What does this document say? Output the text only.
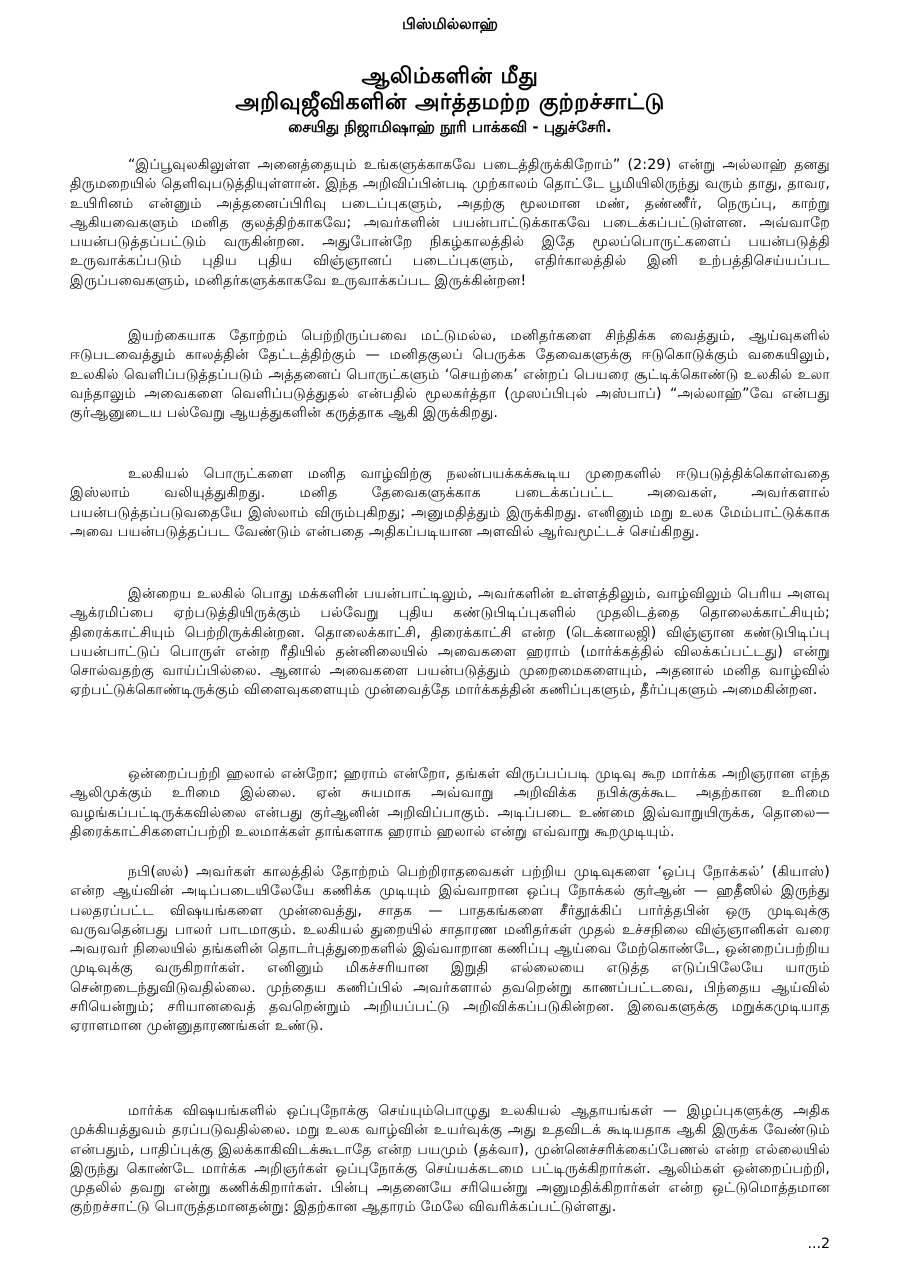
பிஸ்மில்லாஹ்
ஆலிம்களின் மீது
அறிவுஜீவிகளின் அர்த்தமற்ற குற்றச்சாட்டு
சையிது நிஜாமிஷாஹ் நூரி பாக்கவி - புதுச்சேரி.

“இப்பூவுலகிலுள்ள அனைத்தையும் உங்களுக்காகவே படைத்திருக்கிறோம்” (2:29) என்று அல்லாஹ் தனது திருமறையில் தெளிவுபடுத்தியுள்ளான். இந்த அறிவிப்பின்படி முற்காலம் தொட்டே பூமியிலிருந்து வரும் தாது, தாவர, உயிரினம் என்னும் அத்தனைப்பிரிவு படைப்புகளும், அதற்கு மூலமான மண், தண்ணீர், நெருப்பு, காற்று ஆகியவைகளும் மனித குலத்திற்காகவே; அவர்களின் பயன்பாட்டுக்காகவே படைக்கப்பட்டுள்ளன. அவ்வாறே பயன்படுத்தப்பட்டும் வருகின்றன. அதுபோன்றே நிகழ்காலத்தில் இதே மூலப்பொருட்களைப் பயன்படுத்தி உருவாக்கப்படும் புதிய புதிய விஞ்ஞானப் படைப்புகளும், எதிர்காலத்தில் இனி உற்பத்திசெய்யப்பட இருப்பவைகளும், மனிதர்களுக்காகவே உருவாக்கப்பட இருக்கின்றன!

இயற்கையாக தோற்றம் பெற்றிருப்பவை மட்டுமல்ல, மனிதர்களை சிந்திக்க வைத்தும், ஆய்வுகளில் ஈடுபடவைத்தும் காலத்தின் தேட்டத்திற்கும் — மனிதகுலப் பெருக்க தேவைகளுக்கு ஈடுகொடுக்கும் வகையிலும், உலகில் வெளிப்படுத்தப்படும் அத்தனைப் பொருட்களும் ‘செயற்கை’ என்றப் பெயரை சூட்டிக்கொண்டு உலகில் உலா வந்தாலும் அவைகளை வெளிப்படுத்துதல் என்பதில் மூலகர்த்தா (முஸப்பிபுல் அஸ்பாப்) “அல்லாஹ்”வே என்பது குர்ஆனுடைய பல்வேறு ஆயத்துகளின் கருத்தாக ஆகி இருக்கிறது.

உலகியல் பொருட்களை மனித வாழ்விற்கு நலன்பயக்கக்கூடிய முறைகளில் ஈடுபடுத்திக்கொள்வதை இஸ்லாம் வலியுத்துகிறது. மனித தேவைகளுக்காக படைக்கப்பட்ட அவைகள், அவர்களால் பயன்படுத்தப்படுவதையே இஸ்லாம் விரும்புகிறது; அனுமதித்தும் இருக்கிறது. எனினும் மறு உலக மேம்பாட்டுக்காக அவை பயன்படுத்தப்பட வேண்டும் என்பதை அதிகப்படியான அளவில் ஆர்வமூட்டச் செய்கிறது.

இன்றைய உலகில் பொது மக்களின் பயன்பாட்டிலும், அவர்களின் உள்ளத்திலும், வாழ்விலும் பெரிய அளவு ஆக்ரமிப்பை ஏற்படுத்தியிருக்கும் பல்வேறு புதிய கண்டுபிடிப்புகளில் முதலிடத்தை தொலைக்காட்சியும்; திரைக்காட்சியும் பெற்றிருக்கின்றன. தொலைக்காட்சி, திரைக்காட்சி என்ற (டெக்னாலஜி) விஞ்ஞான கண்டுபிடிப்பு பயன்பாட்டுப் பொருள் என்ற ரீதியில் தன்னிலையில் அவைகளை ஹராம் (மார்க்கத்தில் விலக்கப்பட்டது) என்று சொல்வதற்கு வாய்ப்பில்லை. ஆனால் அவைகளை பயன்படுத்தும் முறைமைகளையும், அதனால் மனித வாழ்வில் ஏற்பட்டுக்கொண்டிருக்கும் விளைவுகளையும் முன்வைத்தே மார்க்கத்தின் கணிப்புகளும், தீர்ப்புகளும் அமைகின்றன.

ஒன்றைப்பற்றி ஹலால் என்றோ; ஹராம் என்றோ, தங்கள் விருப்பப்படி முடிவு கூற மார்க்க அறிஞரான எந்த ஆலிமுக்கும் உரிமை இல்லை. ஏன் சுயமாக அவ்வாறு அறிவிக்க நபிக்குக்கூட அதற்கான உரிமை வழங்கப்பட்டிருக்கவில்லை என்பது குர்ஆனின் அறிவிப்பாகும். அடிப்படை உண்மை இவ்வாறுயிருக்க, தொலை—திரைக்காட்சிகளைப்பற்றி உலமாக்கள் தாங்களாக ஹராம் ஹலால் என்று எவ்வாறு கூறமுடியும்.

நபி(ஸல்) அவர்கள் காலத்தில் தோற்றம் பெற்றிராதவைகள் பற்றிய முடிவுகளை ‘ஒப்பு நோக்கல்’ (கியாஸ்) என்ற ஆய்வின் அடிப்படையிலேயே கணிக்க முடியும் இவ்வாறான ஒப்பு நோக்கல் குர்ஆன் — ஹதீஸில் இருந்து பலதரப்பட்ட விஷயங்களை முன்வைத்து, சாதக — பாதகங்களை சீர்தூக்கிப் பார்த்தபின் ஒரு முடிவுக்கு வருவதென்பது பாலர் பாடமாகும். உலகியல் துறையில் சாதாரண மனிதர்கள் முதல் உச்சநிலை விஞ்ஞானிகள் வரை அவரவர் நிலையில் தங்களின் தொடர்புத்துறைகளில் இவ்வாறான கணிப்பு ஆய்வை மேற்கொண்டே, ஒன்றைப்பற்றிய முடிவுக்கு வருகிறார்கள். எனினும் மிகச்சரியான இறுதி எல்லையை எடுத்த எடுப்பிலேயே யாரும் சென்றடைந்துவிடுவதில்லை. முந்தைய கணிப்பில் அவர்களால் தவறென்று காணப்பட்டவை, பிந்தைய ஆய்வில் சரியென்றும்; சரியானவைத் தவறென்றும் அறியப்பட்டு அறிவிக்கப்படுகின்றன. இவைகளுக்கு மறுக்கமுடியாத ஏராளமான முன்னுதாரணங்கள் உண்டு.

மார்க்க விஷயங்களில் ஒப்புநோக்கு செய்யும்பொழுது உலகியல் ஆதாயங்கள் — இழப்புகளுக்கு அதிக முக்கியத்துவம் தரப்படுவதில்லை. மறு உலக வாழ்வின் உயர்வுக்கு அது உதவிடக் கூடியதாக ஆகி இருக்க வேண்டும் என்பதும், பாதிப்புக்கு இலக்காகிவிடக்கூடாதே என்ற பயமும் (தக்வா), முன்னெச்சரிக்கைப்பேணல் என்ற எல்லையில் இருந்து கொண்டே மார்க்க அறிஞர்கள் ஒப்புநோக்கு செய்யக்கடமை பட்டிருக்கிறார்கள். ஆலிம்கள் ஒன்றைப்பற்றி, முதலில் தவறு என்று கணிக்கிறார்கள். பின்பு அதனையே சரியென்று அனுமதிக்கிறார்கள் என்ற ஒட்டுமொத்தமான குற்றச்சாட்டு பொருத்தமானதன்று: இதற்கான ஆதாரம் மேலே விவரிக்கப்பட்டுள்ளது.

...2
